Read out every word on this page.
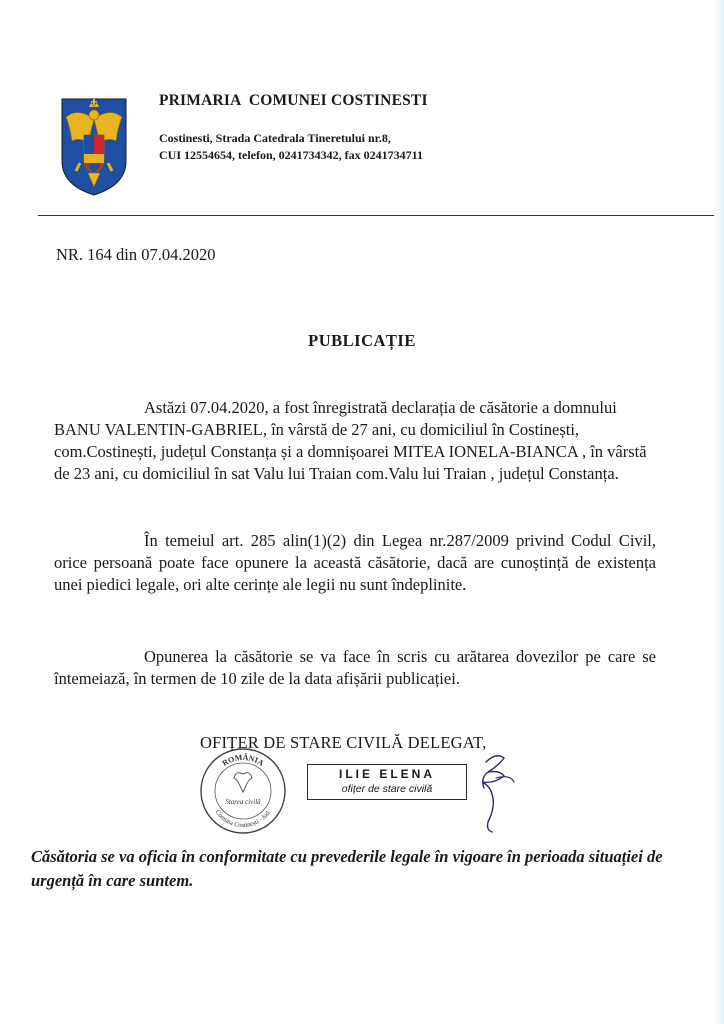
PRIMARIA  COMUNEI COSTINESTI
Costinesti, Strada Catedrala Tineretului nr.8,
CUI 12554654, telefon, 0241734342, fax 0241734711
NR. 164 din 07.04.2020
PUBLICAȚIE
Astăzi 07.04.2020, a fost înregistrată declarația de căsătorie a domnului BANU VALENTIN-GABRIEL, în vârstă de 27 ani, cu domiciliul în Costinești, com.Costinești, județul Constanța și a domnișoarei MITEA IONELA-BIANCA , în vârstă de 23 ani, cu domiciliul în sat Valu lui Traian com.Valu lui Traian , județul Constanța.
În temeiul art. 285 alin(1)(2) din Legea nr.287/2009 privind Codul Civil, orice persoană poate face opunere la această căsătorie, dacă are cunoștință de existența unei piedici legale, ori alte cerințe ale legii nu sunt îndeplinite.
Opunerea la căsătorie se va face în scris cu arătarea dovezilor pe care se întemeiază, în termen de 10 zile de la data afișării publicației.
OFIȚER DE STARE CIVILĂ DELEGAT,
ROMÂNIA
Starea civilă
Comuna Costinești · Jud.
ILIE ELENA
ofițer de stare civilă
Căsătoria se va oficia în conformitate cu prevederile legale în vigoare în perioada situației de urgență în care suntem.
